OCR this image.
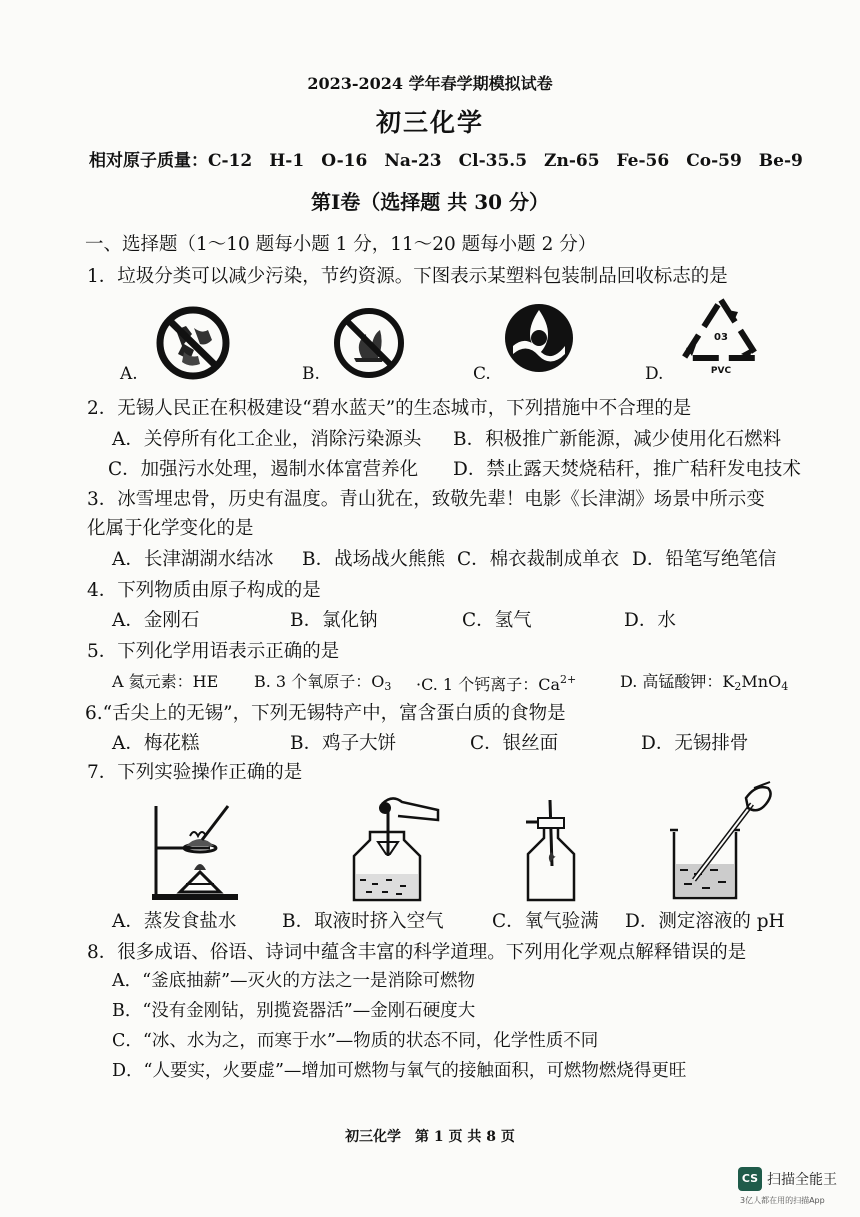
2023-2024 学年春学期模拟试卷
初三化学
相对原子质量：C-12　H-1　O-16　Na-23　Cl-35.5　Zn-65　Fe-56　Co-59　Be-9
第Ⅰ卷（选择题 共 30 分）
一、选择题（1～10 题每小题 1 分，11～20 题每小题 2 分）
1．垃圾分类可以减少污染，节约资源。下图表示某塑料包装制品回收标志的是
A.	B.	C.	D.
03
PVC
2．无锡人民正在积极建设“碧水蓝天”的生态城市，下列措施中不合理的是
A．关停所有化工企业，消除污染源头 B．积极推广新能源，减少使用化石燃料
C．加强污水处理，遏制水体富营养化 D．禁止露天焚烧秸秆，推广秸秆发电技术
3．冰雪埋忠骨，历史有温度。青山犹在，致敬先辈！电影《长津湖》场景中所示变
化属于化学变化的是
A．长津湖湖水结冰 B．战场战火熊熊 C．棉衣裁制成单衣 D．铅笔写绝笔信
4．下列物质由原子构成的是
A．金刚石	B．氯化钠	C．氢气	D．水
5．下列化学用语表示正确的是
A 氦元素：HE B. 3 个氧原子：$O_3 \cdot C$. 1 个钙离子：$Ca^{2+}$	D. 高锰酸钾：$K_2MnO_4$
6.“舌尖上的无锡”，下列无锡特产中，富含蛋白质的食物是
A．梅花糕	B．鸡子大饼	C．银丝面	D．无锡排骨
7．下列实验操作正确的是
A．蒸发食盐水 B．取液时挤入空气	C．氧气验满 D．测定溶液的 pH
8．很多成语、俗语、诗词中蕴含丰富的科学道理。下列用化学观点解释错误的是
A．“釜底抽薪”—灭火的方法之一是消除可燃物
B．“没有金刚钻，别揽瓷器活”—金刚石硬度大
C．“冰、水为之，而寒于水”—物质的状态不同，化学性质不同
D．“人要实，火要虚”—增加可燃物与氧气的接触面积，可燃物燃烧得更旺
初三化学　第 1 页 共 8 页
CS 扫描全能王
3亿人都在用的扫描App
